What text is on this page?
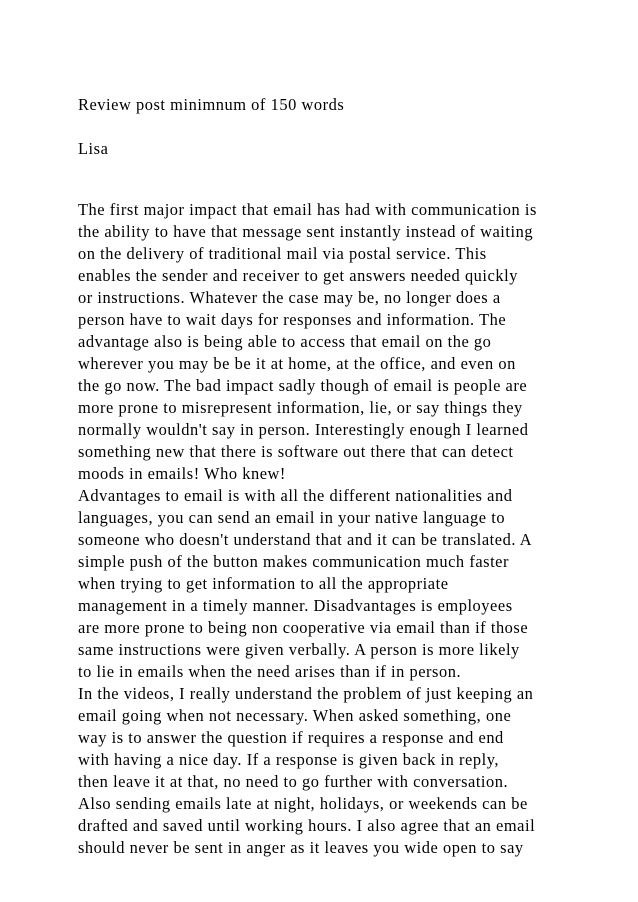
Review post minimnum of 150 words

Lisa

The first major impact that email has had with communication is

the ability to have that message sent instantly instead of waiting

on the delivery of traditional mail via postal service. This

enables the sender and receiver to get answers needed quickly

or instructions. Whatever the case may be, no longer does a

person have to wait days for responses and information. The

advantage also is being able to access that email on the go

wherever you may be be it at home, at the office, and even on

the go now. The bad impact sadly though of email is people are

more prone to misrepresent information, lie, or say things they

normally wouldn't say in person. Interestingly enough I learned

something new that there is software out there that can detect

moods in emails! Who knew!

Advantages to email is with all the different nationalities and

languages, you can send an email in your native language to

someone who doesn't understand that and it can be translated. A

simple push of the button makes communication much faster

when trying to get information to all the appropriate

management in a timely manner. Disadvantages is employees

are more prone to being non cooperative via email than if those

same instructions were given verbally. A person is more likely

to lie in emails when the need arises than if in person.

In the videos, I really understand the problem of just keeping an

email going when not necessary. When asked something, one

way is to answer the question if requires a response and end

with having a nice day. If a response is given back in reply,

then leave it at that, no need to go further with conversation.

Also sending emails late at night, holidays, or weekends can be

drafted and saved until working hours. I also agree that an email

should never be sent in anger as it leaves you wide open to say
